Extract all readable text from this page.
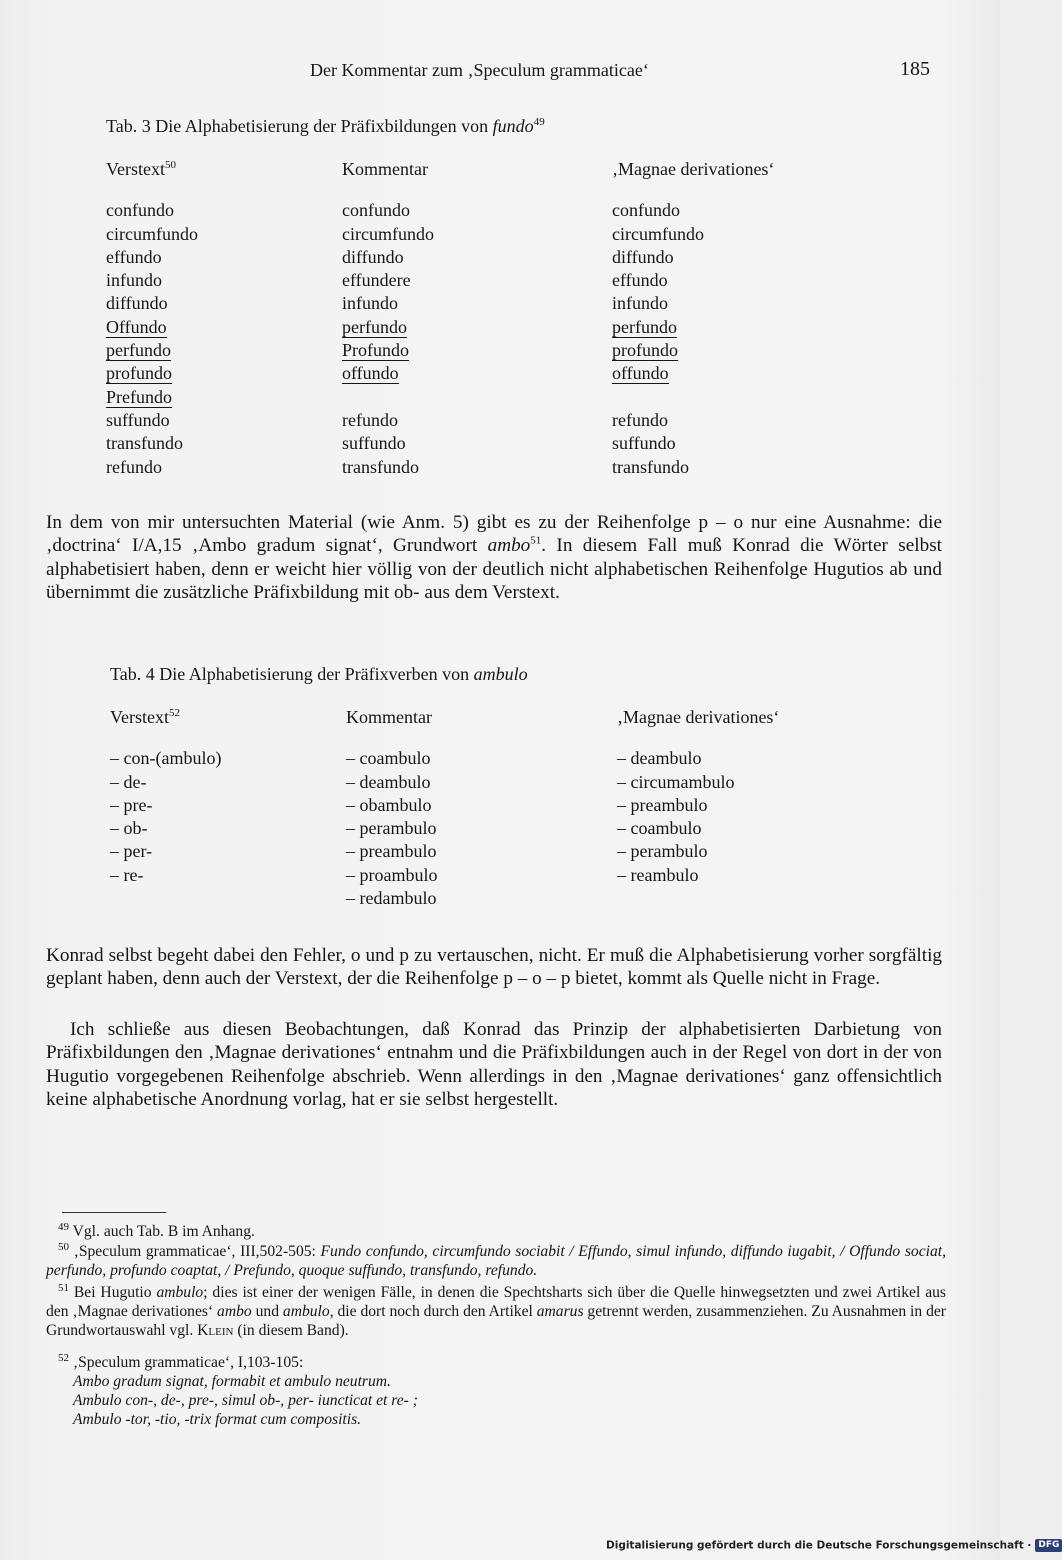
Der Kommentar zum ‚Speculum grammaticae‘	185
Tab. 3 Die Alphabetisierung der Präfixbildungen von fundo$^{49}$
Verstext$^{50}$
confundo
circumfundo
effundo
infundo
diffundo
Offundo
perfundo
profundo
Prefundo
suffundo
transfundo
refundo
Kommentar
confundo
circumfundo
diffundo
effundere
infundo
perfundo
Profundo
offundo
refundo
suffundo
transfundo
‚Magnae derivationes‘
confundo
circumfundo
diffundo
effundo
infundo
perfundo
profundo
offundo
refundo
suffundo
transfundo
In dem von mir untersuchten Material (wie Anm. 5) gibt es zu der Reihenfolge p – o nur eine Ausnahme: die ‚doctrina‘ I/A,15 ‚Ambo gradum signat‘, Grundwort ambo$^{51}$. In diesem Fall muß Konrad die Wörter selbst alphabetisiert haben, denn er weicht hier völlig von der deutlich nicht alphabetischen Reihenfolge Hugutios ab und übernimmt die zusätzliche Präfixbildung mit ob- aus dem Verstext.
Tab. 4 Die Alphabetisierung der Präfixverben von ambulo
Verstext$^{52}$
– con-(ambulo)
– de-
– pre-
– ob-
– per-
– re-
Kommentar
– coambulo
– deambulo
– obambulo
– perambulo
– preambulo
– proambulo
– redambulo
‚Magnae derivationes‘
– deambulo
– circumambulo
– preambulo
– coambulo
– perambulo
– reambulo
Konrad selbst begeht dabei den Fehler, o und p zu vertauschen, nicht. Er muß die Alphabetisierung vorher sorgfältig geplant haben, denn auch der Verstext, der die Reihenfolge p – o – p bietet, kommt als Quelle nicht in Frage.
Ich schließe aus diesen Beobachtungen, daß Konrad das Prinzip der alphabetisierten Darbietung von Präfixbildungen den ‚Magnae derivationes‘ entnahm und die Präfixbildungen auch in der Regel von dort in der von Hugutio vorgegebenen Reihenfolge abschrieb. Wenn allerdings in den ‚Magnae derivationes‘ ganz offensichtlich keine alphabetische Anordnung vorlag, hat er sie selbst hergestellt.
$^{49}$ Vgl. auch Tab. B im Anhang.
$^{50}$ ‚Speculum grammaticae‘, III,502-505: Fundo confundo, circumfundo sociabit / Effundo, simul infundo, diffundo iugabit, / Offundo sociat, perfundo, profundo coaptat, / Prefundo, quoque suffundo, transfundo, refundo.
$^{51}$ Bei Hugutio ambulo; dies ist einer der wenigen Fälle, in denen die Spechtsharts sich über die Quelle hinwegsetzten und zwei Artikel aus den ‚Magnae derivationes‘ ambo und ambulo, die dort noch durch den Artikel amarus getrennt werden, zusammenziehen. Zu Ausnahmen in der Grundwortauswahl vgl. Klein (in diesem Band).
$^{52}$ ‚Speculum grammaticae‘, I,103-105:
Ambo gradum signat, formabit et ambulo neutrum.
Ambulo con-, de-, pre-, simul ob-, per- iuncticat et re- ;
Ambulo -tor, -tio, -trix format cum compositis.
Digitalisierung gefördert durch die Deutsche Forschungsgemeinschaft · DFG
